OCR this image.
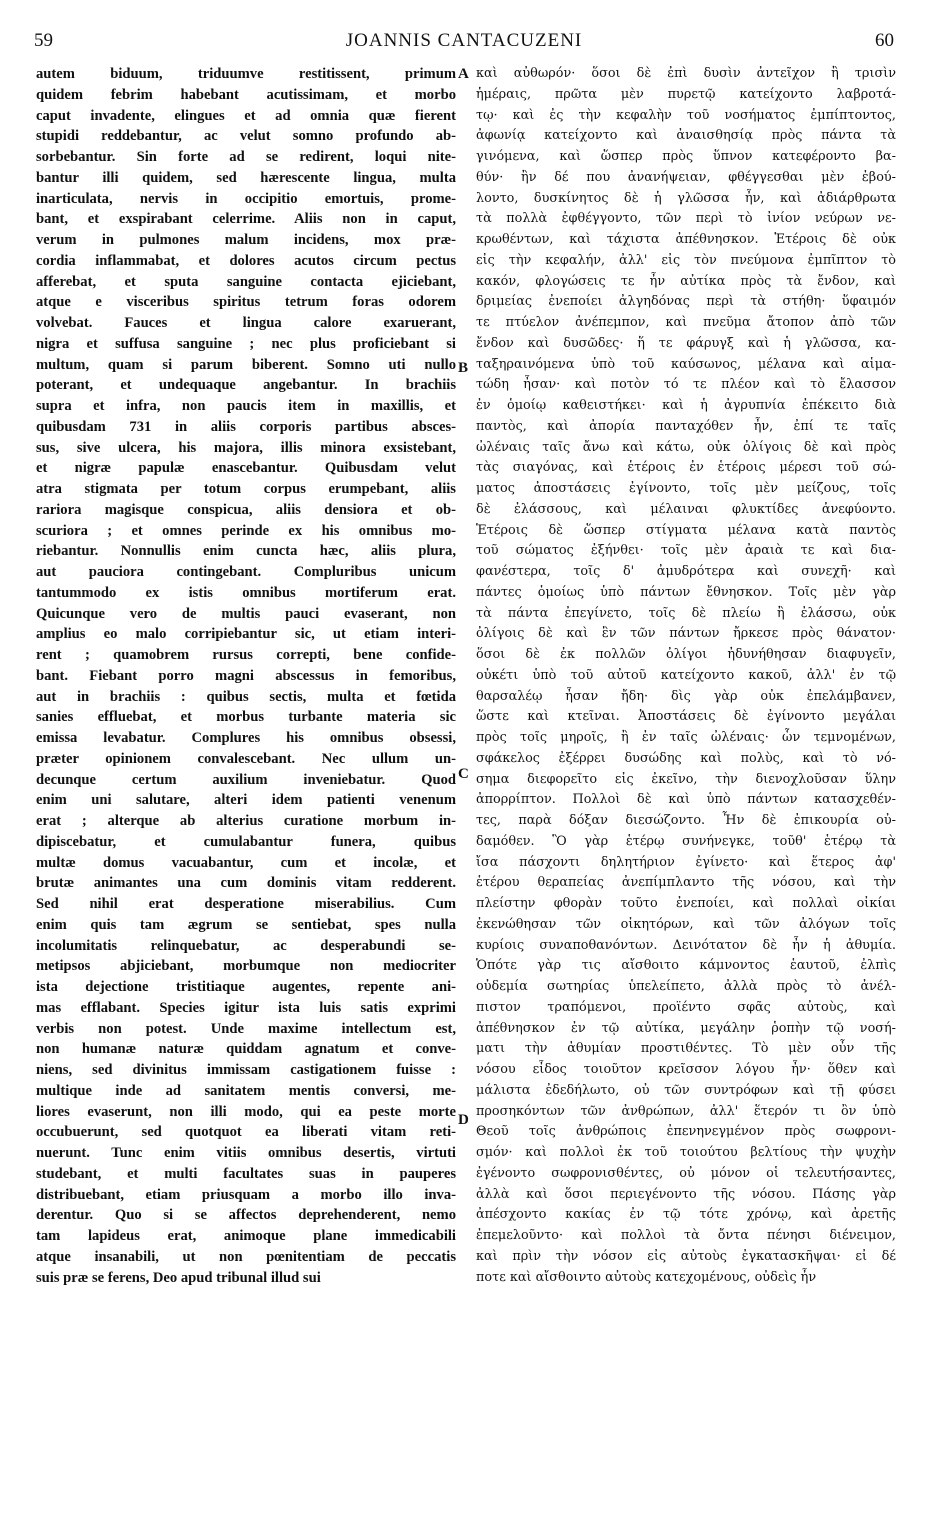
59	JOANNIS CANTACUZENI	60
autem biduum, triduumve restitissent, primum
quidem febrim habebant acutissimam, et morbo
caput invadente, elingues et ad omnia quæ fierent
stupidi reddebantur, ac velut somno profundo ab-
sorbebantur. Sin forte ad se redirent, loqui nite-
bantur illi quidem, sed hærescente lingua, multa
inarticulata, nervis in occipitio emortuis, prome-
bant, et exspirabant celerrime. Aliis non in caput,
verum in pulmones malum incidens, mox præ-
cordia inflammabat, et dolores acutos circum pectus
afferebat, et sputa sanguine contacta ejiciebant,
atque e visceribus spiritus tetrum foras odorem
volvebat. Fauces et lingua calore exaruerant,
nigra et suffusa sanguine ; nec plus proficiebant si
multum, quam si parum biberent. Somno uti nullo
poterant, et undequaque angebantur. In brachiis
supra et infra, non paucis item in maxillis, et
quibusdam 731 in aliis corporis partibus absces-
sus, sive ulcera, his majora, illis minora exsistebant,
et nigræ papulæ enascebantur. Quibusdam velut
atra stigmata per totum corpus erumpebant, aliis
rariora magisque conspicua, aliis densiora et ob-
scuriora ; et omnes perinde ex his omnibus mo-
riebantur. Nonnullis enim cuncta hæc, aliis plura,
aut pauciora contingebant. Compluribus unicum
tantummodo ex istis omnibus mortiferum erat.
Quicunque vero de multis pauci evaserant, non
amplius eo malo corripiebantur sic, ut etiam interi-
rent ; quamobrem rursus correpti, bene confide-
bant. Fiebant porro magni abscessus in femoribus,
aut in brachiis : quibus sectis, multa et fœtida
sanies effluebat, et morbus turbante materia sic
emissa levabatur. Complures his omnibus obsessi,
præter opinionem convalescebant. Nec ullum un-
decunque certum auxilium inveniebatur. Quod
enim uni salutare, alteri idem patienti venenum
erat ; alterque ab alterius curatione morbum in-
dipiscebatur, et cumulabantur funera, quibus
multæ domus vacuabantur, cum et incolæ, et
brutæ animantes una cum dominis vitam redderent.
Sed nihil erat desperatione miserabilius. Cum
enim quis tam ægrum se sentiebat, spes nulla
incolumitatis relinquebatur, ac desperabundi se-
metipsos abjiciebant, morbumque non mediocriter
ista dejectione tristitiaque augentes, repente ani-
mas efflabant. Species igitur ista luis satis exprimi
verbis non potest. Unde maxime intellectum est,
non humanæ naturæ quiddam agnatum et conve-
niens, sed divinitus immissam castigationem fuisse :
multique inde ad sanitatem mentis conversi, me-
liores evaserunt, non illi modo, qui ea peste morte
occubuerunt, sed quotquot ea liberati vitam reti-
nuerunt. Tunc enim vitiis omnibus desertis, virtuti
studebant, et multi facultates suas in pauperes
distribuebant, etiam priusquam a morbo illo inva-
derentur. Quo si se affectos deprehenderent, nemo
tam lapideus erat, animoque plane immedicabili
atque insanabili, ut non pœnitentiam de peccatis
suis præ se ferens, Deo apud tribunal illud sui
καὶ αὐθωρόν· ὅσοι δὲ ἐπὶ δυσὶν ἀντεῖχον ἢ τρισὶν
ἡμέραις, πρῶτα μὲν πυρετῷ κατείχοντο λαβροτά-
τῳ· καὶ ἐς τὴν κεφαλὴν τοῦ νοσήματος ἐμπίπτοντος,
ἀφωνίᾳ κατείχοντο καὶ ἀναισθησίᾳ πρὸς πάντα τὰ
γινόμενα, καὶ ὥσπερ πρὸς ὕπνον κατεφέροντο βα-
θύν· ἢν δέ που ἀνανήψειαν, φθέγγεσθαι μὲν ἐβού-
λοντο, δυσκίνητος δὲ ἡ γλῶσσα ἦν, καὶ ἀδιάρθρωτα
τὰ πολλὰ ἐφθέγγοντο, τῶν περὶ τὸ ἰνίον νεύρων νε-
κρωθέντων, καὶ τάχιστα ἀπέθνησκον. Ἑτέροις δὲ οὐκ
εἰς τὴν κεφαλήν, ἀλλ' εἰς τὸν πνεύμονα ἐμπῖπτον τὸ
κακόν, φλογώσεις τε ἦν αὐτίκα πρὸς τὰ ἔνδον, καὶ
δριμείας ἐνεποίει ἀλγηδόνας περὶ τὰ στήθη· ὕφαιμόν
τε πτύελον ἀνέπεμπον, καὶ πνεῦμα ἄτοπον ἀπὸ τῶν
ἔνδον καὶ δυσῶδες· ἥ τε φάρυγξ καὶ ἡ γλῶσσα, κα-
ταξηραινόμενα ὑπὸ τοῦ καύσωνος, μέλανα καὶ αἱμα-
τώδη ἦσαν· καὶ ποτὸν τό τε πλέον καὶ τὸ ἔλασσον
ἐν ὁμοίῳ καθειστήκει· καὶ ἡ ἀγρυπνία ἐπέκειτο διὰ
παντὸς, καὶ ἀπορία πανταχόθεν ἦν, ἐπί τε ταῖς
ὠλέναις ταῖς ἄνω καὶ κάτω, οὐκ ὀλίγοις δὲ καὶ πρὸς
τὰς σιαγόνας, καὶ ἑτέροις ἐν ἑτέροις μέρεσι τοῦ σώ-
ματος ἀποστάσεις ἐγίνοντο, τοῖς μὲν μείζους, τοῖς
δὲ ἐλάσσους, καὶ μέλαιναι φλυκτίδες ἀνεφύοντο.
Ἑτέροις δὲ ὥσπερ στίγματα μέλανα κατὰ παντὸς
τοῦ σώματος ἐξήνθει· τοῖς μὲν ἀραιὰ τε καὶ δια-
φανέστερα, τοῖς δ' ἀμυδρότερα καὶ συνεχῆ· καὶ
πάντες ὁμοίως ὑπὸ πάντων ἔθνησκον. Τοῖς μὲν γὰρ
τὰ πάντα ἐπεγίνετο, τοῖς δὲ πλείω ἢ ἐλάσσω, οὐκ
ὀλίγοις δὲ καὶ ἓν τῶν πάντων ἤρκεσε πρὸς θάνατον·
ὅσοι δὲ ἐκ πολλῶν ὀλίγοι ἠδυνήθησαν διαφυγεῖν,
οὐκέτι ὑπὸ τοῦ αὐτοῦ κατείχοντο κακοῦ, ἀλλ' ἐν τῷ
θαρσαλέῳ ἦσαν ἤδη· δὶς γὰρ οὐκ ἐπελάμβανεν,
ὥστε καὶ κτεῖναι. Ἀποστάσεις δὲ ἐγίνοντο μεγάλαι
πρὸς τοῖς μηροῖς, ἢ ἐν ταῖς ὠλέναις· ὧν τεμνομένων,
σφάκελος ἐξέρρει δυσώδης καὶ πολὺς, καὶ τὸ νό-
σημα διεφορεῖτο εἰς ἐκεῖνο, τὴν διενοχλοῦσαν ὕλην
ἀπορρίπτον. Πολλοὶ δὲ καὶ ὑπὸ πάντων κατασχεθέν-
τες, παρὰ δόξαν διεσώζοντο. Ἦν δὲ ἐπικουρία οὐ-
δαμόθεν. Ὃ γὰρ ἑτέρῳ συνήνεγκε, τοῦθ' ἑτέρῳ τὰ
ἴσα πάσχοντι δηλητήριον ἐγίνετο· καὶ ἕτερος ἀφ'
ἑτέρου θεραπείας ἀνεπίμπλαντο τῆς νόσου, καὶ τὴν
πλείστην φθορὰν τοῦτο ἐνεποίει, καὶ πολλαὶ οἰκίαι
ἐκενώθησαν τῶν οἰκητόρων, καὶ τῶν ἀλόγων τοῖς
κυρίοις συναποθανόντων. Δεινότατον δὲ ἦν ἡ ἀθυμία.
Ὁπότε γὰρ τις αἴσθοιτο κάμνοντος ἑαυτοῦ, ἐλπὶς
οὐδεμία σωτηρίας ὑπελείπετο, ἀλλὰ πρὸς τὸ ἀνέλ-
πιστον τραπόμενοι, προϊέντο σφᾶς αὐτοὺς, καὶ
ἀπέθνησκον ἐν τῷ αὐτίκα, μεγάλην ῥοπὴν τῷ νοσή-
ματι τὴν ἀθυμίαν προστιθέντες. Τὸ μὲν οὖν τῆς
νόσου εἶδος τοιοῦτον κρεῖσσον λόγου ἦν· ὅθεν καὶ
μάλιστα ἐδεδήλωτο, οὐ τῶν συντρόφων καὶ τῇ φύσει
προσηκόντων τῶν ἀνθρώπων, ἀλλ' ἕτερόν τι ὂν ὑπὸ
Θεοῦ τοῖς ἀνθρώποις ἐπενηνεγμένον πρὸς σωφρονι-
σμόν· καὶ πολλοὶ ἐκ τοῦ τοιούτου βελτίους τὴν ψυχὴν
ἐγένοντο σωφρονισθέντες, οὐ μόνον οἱ τελευτήσαντες,
ἀλλὰ καὶ ὅσοι περιεγένοντο τῆς νόσου. Πάσης γὰρ
ἀπέσχοντο κακίας ἐν τῷ τότε χρόνῳ, καὶ ἀρετῆς
ἐπεμελοῦντο· καὶ πολλοὶ τὰ ὄντα πένησι διένειμον,
καὶ πρὶν τὴν νόσον εἰς αὐτοὺς ἐγκατασκῆψαι· εἰ δέ
ποτε καὶ αἴσθοιντο αὐτοὺς κατεχομένους, οὐδεὶς ἦν
A
B
C
D
